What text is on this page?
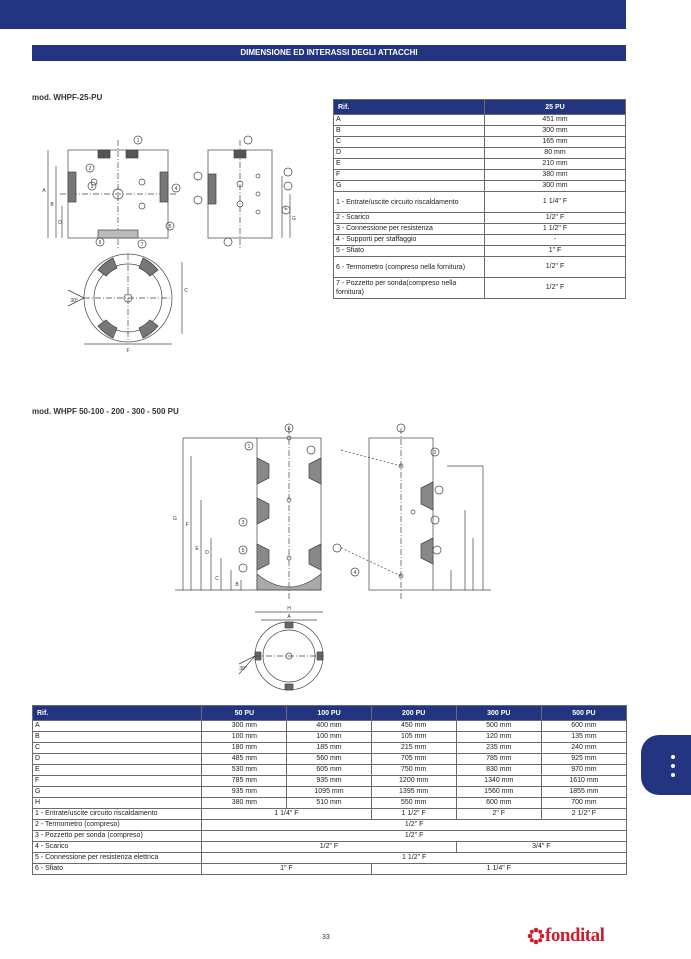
DIMENSIONE ED INTERASSI DEGLI ATTACCHI
mod. WHPF-25-PU
A
B
C
D
E
F
G
1
2
3	4
5
6	7
30°
Rif.	25 PU
A	451 mm
B	300 mm
C	165 mm
D	80 mm
E	210 mm
F	380 mm
G	300 mm
1 - Entrate/uscite circuito riscaldamento	1 1/4" F
2 - Scarico	1/2" F
3 - Connessione per resistenza	1 1/2" F
4 - Supporti per staffaggio	-
5 - Sfiato	1" F
6 - Termometro (compreso nella fornitura)	1/2" F
7 - Pozzetto per sonda(compreso nella fornitura)	1/2" F
mod. WHPF 50-100 - 200 - 300 - 500 PU
A
B
C
D
E
F
G
H
1
2
3
4
5
6
30°
Rif.	50 PU	100 PU	200 PU	300 PU	500 PU
A	300 mm	400 mm	450 mm	500 mm	600 mm
B	100 mm	100 mm	105 mm	120 mm	135 mm
C	180 mm	185 mm	215 mm	235 mm	240 mm
D	485 mm	560 mm	705 mm	785 mm	925 mm
E	530 mm	605 mm	750 mm	830 mm	970 mm
F	785 mm	935 mm	1200 mm	1340 mm	1610 mm
G	935 mm	1095 mm	1395 mm	1560 mm	1855 mm
H	380 mm	510 mm	550 mm	600 mm	700 mm
1 - Entrate/uscite circuito riscaldamento	1 1/4" F		1 1/2" F	2" F	2 1/2" F
2 - Termometro (compreso)	1/2" F				
3 - Pozzetto per sonda (compreso)	1/2" F				
4 - Scarico	1/2" F			3/4" F	
5 - Connessione per resistenza elettrica	1 1/2" F				
6 - Sfiato	1" F		1 1/4" F		
33	fondital
